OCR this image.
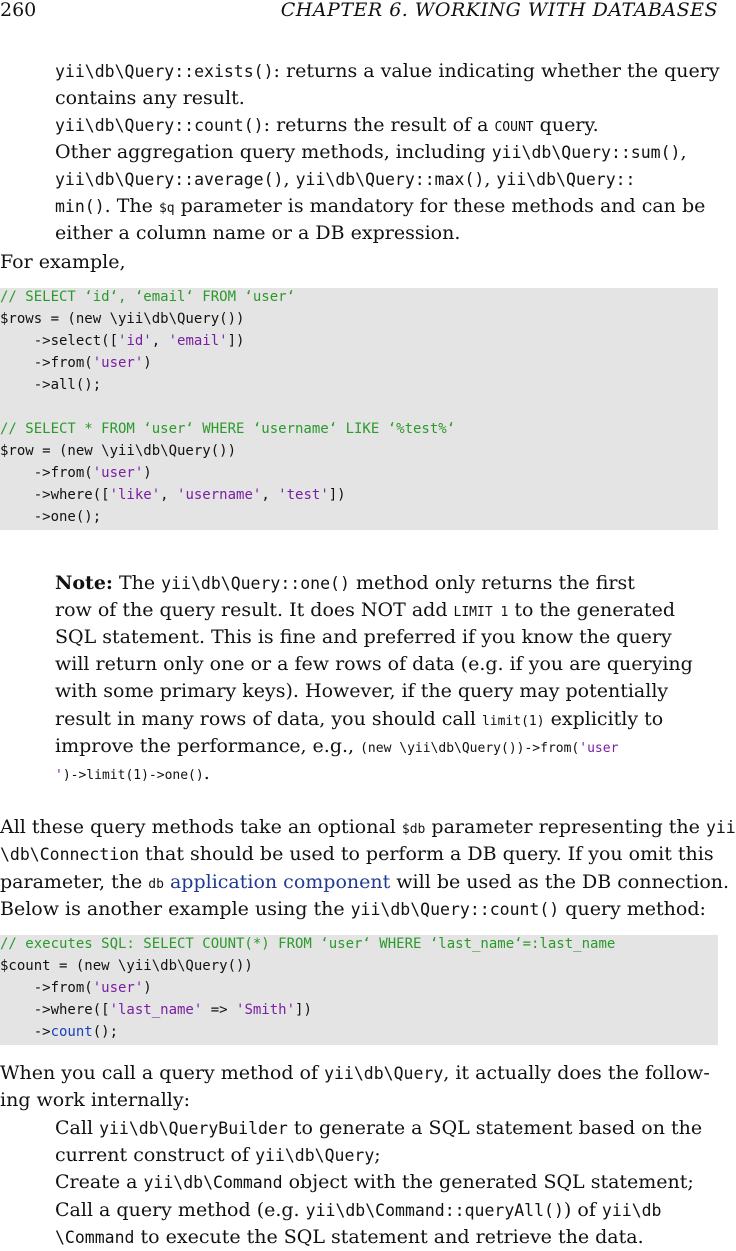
260	CHAPTER 6. WORKING WITH DATABASES
yii\db\Query::exists(): returns a value indicating whether the query
contains any result.
yii\db\Query::count(): returns the result of a COUNT query.
Other aggregation query methods, including yii\db\Query::sum(),
yii\db\Query::average(), yii\db\Query::max(), yii\db\Query::
min(). The $q parameter is mandatory for these methods and can be
either a column name or a DB expression.
For example,
// SELECT ‘id‘, ‘email‘ FROM ‘user‘
$rows = (new \yii\db\Query())
->select(['id', 'email'])
->from('user')
->all();
// SELECT * FROM ‘user‘ WHERE ‘username‘ LIKE ‘%test%‘
$row = (new \yii\db\Query())
->from('user')
->where(['like', 'username', 'test'])
->one();
Note: The yii\db\Query::one() method only returns the first
row of the query result. It does NOT add LIMIT 1 to the generated
SQL statement. This is fine and preferred if you know the query
will return only one or a few rows of data (e.g. if you are querying
with some primary keys). However, if the query may potentially
result in many rows of data, you should call limit(1) explicitly to
improve the performance, e.g., (new \yii\db\Query())->from('user
')->limit(1)->one().
All these query methods take an optional $db parameter representing the yii
\db\Connection that should be used to perform a DB query. If you omit this
parameter, the db application component will be used as the DB connection.
Below is another example using the yii\db\Query::count() query method:
// executes SQL: SELECT COUNT(*) FROM ‘user‘ WHERE ‘last_name‘=:last_name
$count = (new \yii\db\Query())
->from('user')
->where(['last_name' => 'Smith'])
->count();
When you call a query method of yii\db\Query, it actually does the follow-
ing work internally:
Call yii\db\QueryBuilder to generate a SQL statement based on the
current construct of yii\db\Query;
Create a yii\db\Command object with the generated SQL statement;
Call a query method (e.g. yii\db\Command::queryAll()) of yii\db
\Command to execute the SQL statement and retrieve the data.
